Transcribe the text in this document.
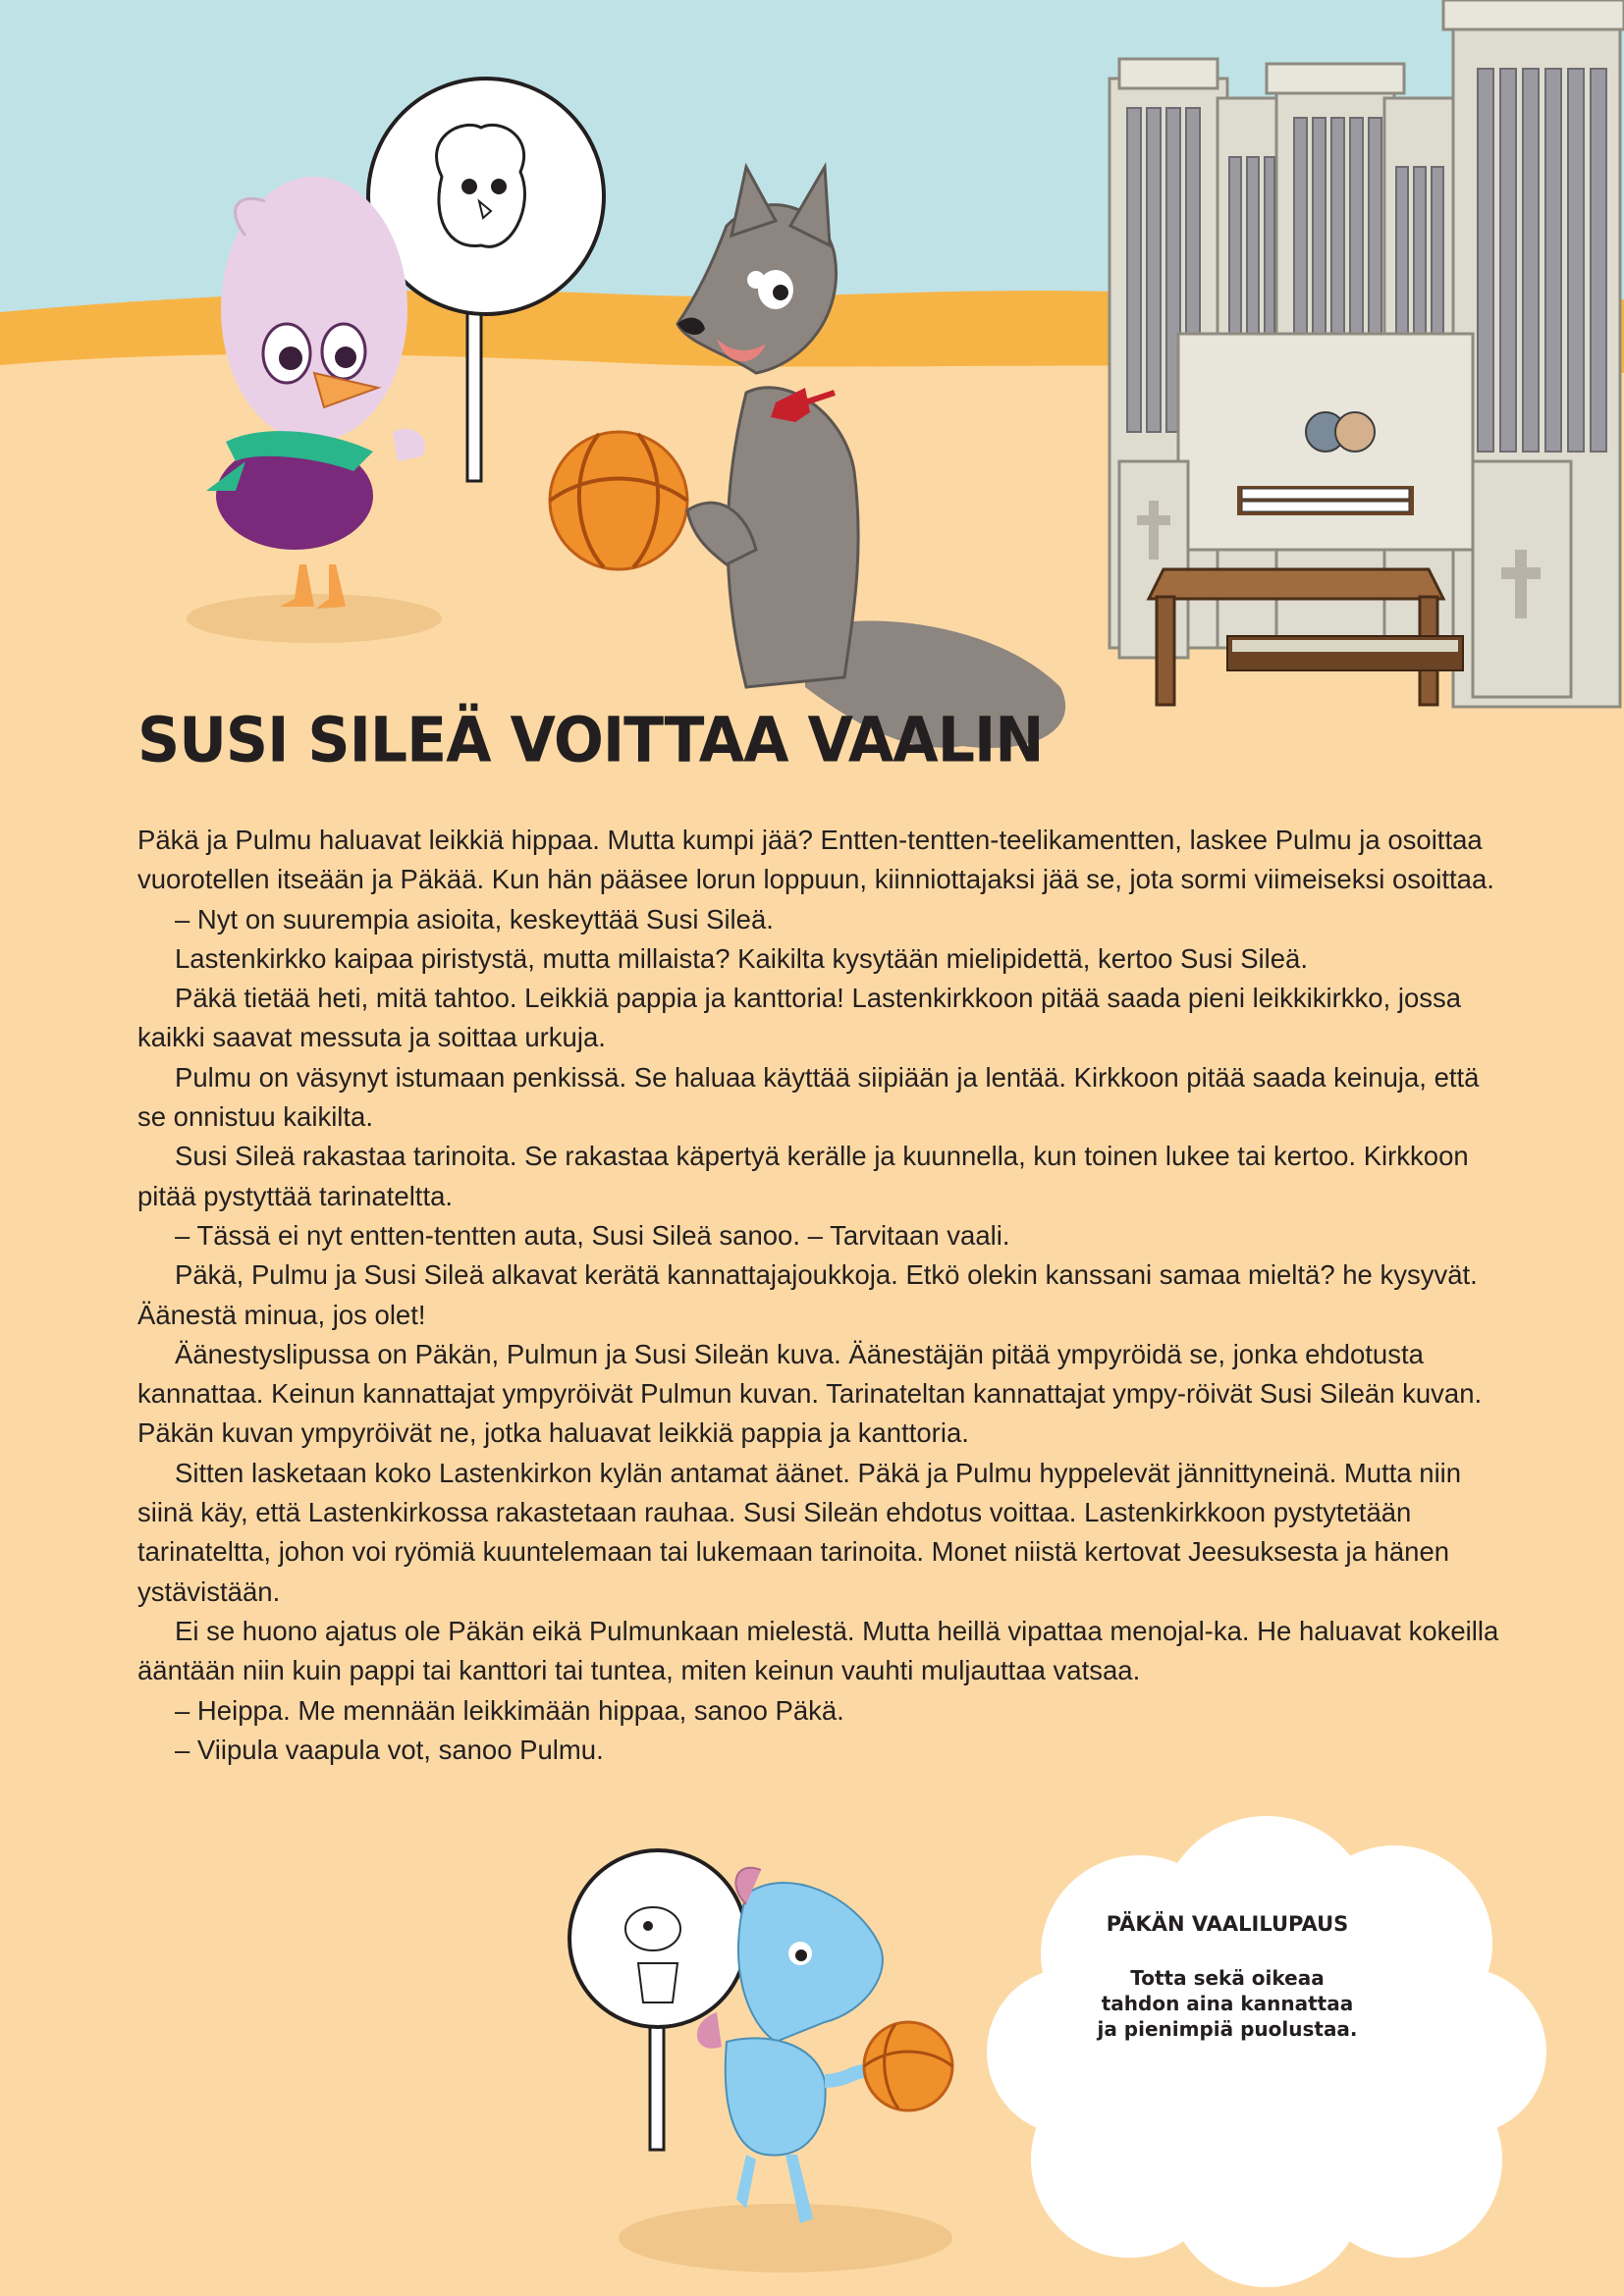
SUSI SILEÄ VOITTAA VAALIN

Päkä ja Pulmu haluavat leikkiä hippaa. Mutta kumpi jää? Entten-tentten-teelikamentten, laskee Pulmu ja osoittaa vuorotellen itseään ja Päkää. Kun hän pääsee lorun loppuun, kiinniottajaksi jää se, jota sormi viimeiseksi osoittaa.

– Nyt on suurempia asioita, keskeyttää Susi Sileä.

Lastenkirkko kaipaa piristystä, mutta millaista? Kaikilta kysytään mielipidettä, kertoo Susi Sileä.

Päkä tietää heti, mitä tahtoo. Leikkiä pappia ja kanttoria! Lastenkirkkoon pitää saada pieni leikkikirkko, jossa kaikki saavat messuta ja soittaa urkuja.

Pulmu on väsynyt istumaan penkissä. Se haluaa käyttää siipiään ja lentää. Kirkkoon pitää saada keinuja, että se onnistuu kaikilta.

Susi Sileä rakastaa tarinoita. Se rakastaa käpertyä kerälle ja kuunnella, kun toinen lukee tai kertoo. Kirkkoon pitää pystyttää tarinateltta.

– Tässä ei nyt entten-tentten auta, Susi Sileä sanoo. – Tarvitaan vaali.

Päkä, Pulmu ja Susi Sileä alkavat kerätä kannattajajoukkoja. Etkö olekin kanssani samaa mieltä? he kysyvät. Äänestä minua, jos olet!

Äänestyslipussa on Päkän, Pulmun ja Susi Sileän kuva. Äänestäjän pitää ympyröidä se, jonka ehdotusta kannattaa. Keinun kannattajat ympyröivät Pulmun kuvan. Tarinateltan kannattajat ympy-röivät Susi Sileän kuvan. Päkän kuvan ympyröivät ne, jotka haluavat leikkiä pappia ja kanttoria.

Sitten lasketaan koko Lastenkirkon kylän antamat äänet. Päkä ja Pulmu hyppelevät jännittyneinä. Mutta niin siinä käy, että Lastenkirkossa rakastetaan rauhaa. Susi Sileän ehdotus voittaa. Lastenkirkkoon pystytetään tarinateltta, johon voi ryömiä kuuntelemaan tai lukemaan tarinoita. Monet niistä kertovat Jeesuksesta ja hänen ystävistään.

Ei se huono ajatus ole Päkän eikä Pulmunkaan mielestä. Mutta heillä vipattaa menojal-ka. He haluavat kokeilla ääntään niin kuin pappi tai kanttori tai tuntea, miten keinun vauhti muljauttaa vatsaa.

– Heippa. Me mennään leikkimään hippaa, sanoo Päkä.

– Viipula vaapula vot, sanoo Pulmu.

PÄKÄN VAALILUPAUS

Totta sekä oikeaa
tahdon aina kannattaa
ja pienimpiä puolustaa.
